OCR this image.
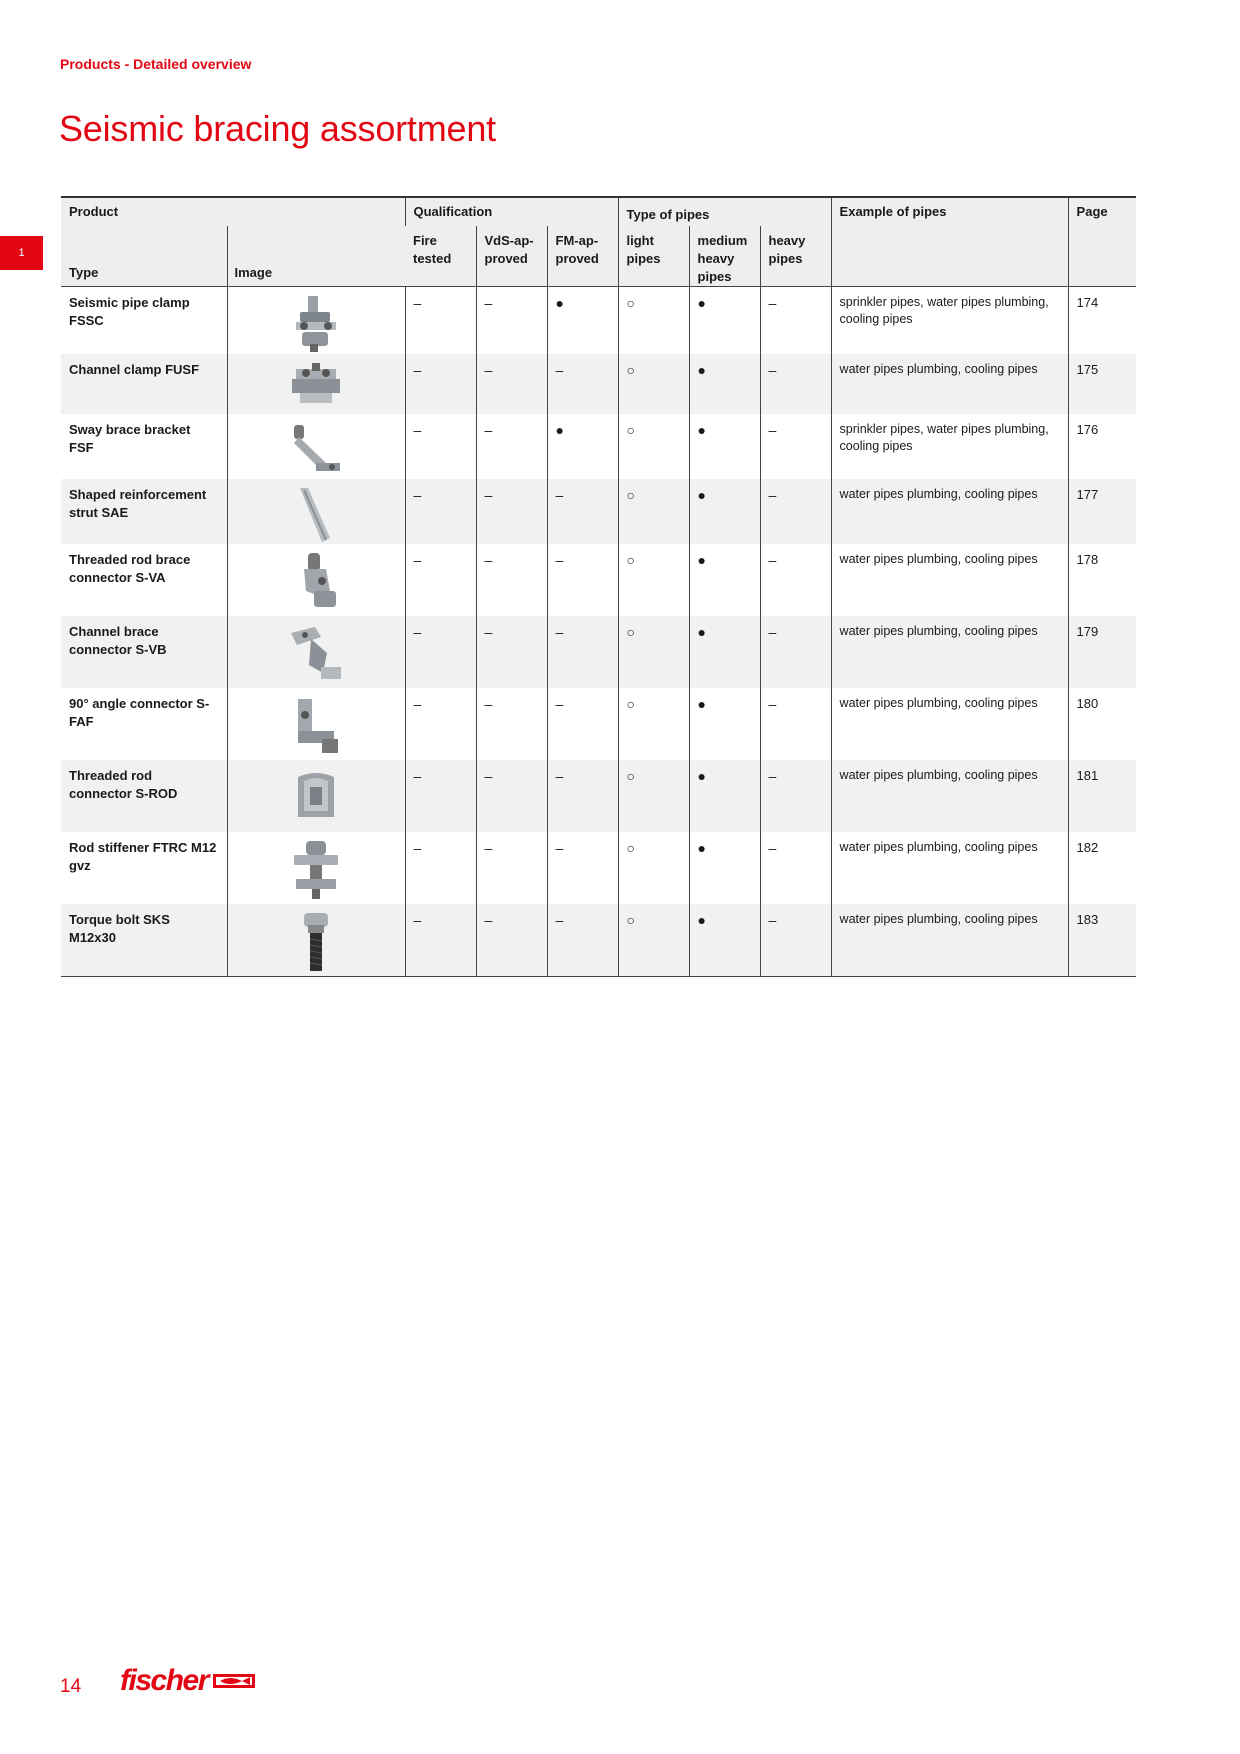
Products - Detailed overview
Seismic bracing assortment
1
Product		Qualification			Type of pipes			Example of pipes	Page

Type	Image	Fire tested	VdS-ap- proved	FM-ap- proved	light pipes	medium heavy pipes	heavy pipes		
Seismic pipe clamp FSSC		–	–	●	○	●	–	sprinkler pipes, water pipes plumbing, cooling pipes	174
Channel clamp FUSF		–	–	–	○	●	–	water pipes plumbing, cooling pipes	175
Sway brace bracket FSF		–	–	●	○	●	–	sprinkler pipes, water pipes plumbing, cooling pipes	176
Shaped reinforcement strut SAE		–	–	–	○	●	–	water pipes plumbing, cooling pipes	177
Threaded rod brace connector S-VA		–	–	–	○	●	–	water pipes plumbing, cooling pipes	178
Channel brace connector S-VB		–	–	–	○	●	–	water pipes plumbing, cooling pipes	179
90° angle connector S-FAF		–	–	–	○	●	–	water pipes plumbing, cooling pipes	180
Threaded rod connector S-ROD		–	–	–	○	●	–	water pipes plumbing, cooling pipes	181
Rod stiffener FTRC M12 gvz		–	–	–	○	●	–	water pipes plumbing, cooling pipes	182
Torque bolt SKS M12x30		–	–	–	○	●	–	water pipes plumbing, cooling pipes	183
14 fischer
